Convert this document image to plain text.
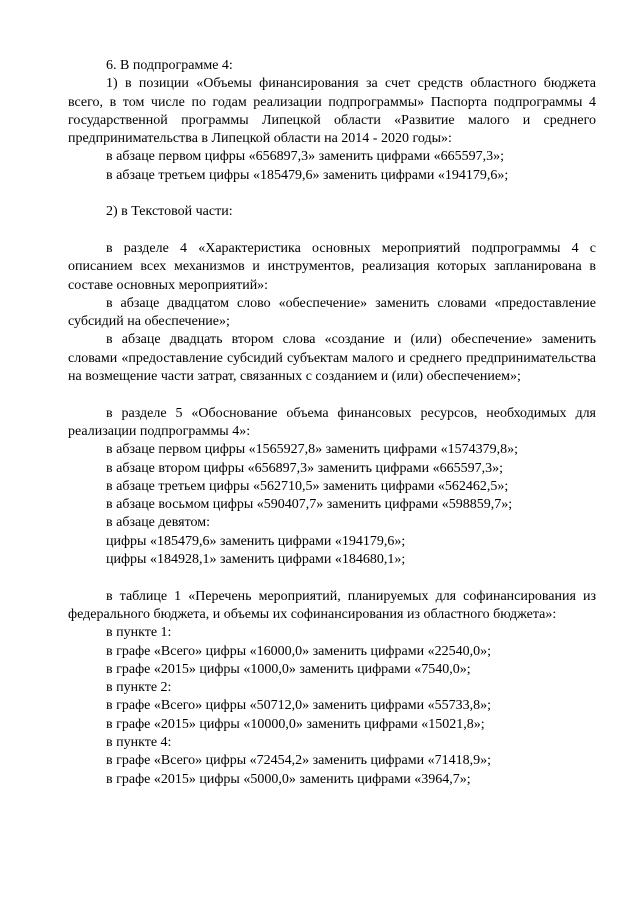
6. В подпрограмме 4:

1) в позиции «Объемы финансирования за счет средств областного бюджета всего, в том числе по годам реализации подпрограммы» Паспорта подпрограммы 4 государственной программы Липецкой области «Развитие малого и среднего предпринимательства в Липецкой области на 2014 - 2020 годы»:

в абзаце первом цифры «656897,3» заменить цифрами «665597,3»;

в абзаце третьем цифры «185479,6» заменить цифрами «194179,6»;

2) в Текстовой части:

в разделе 4 «Характеристика основных мероприятий подпрограммы 4 с описанием всех механизмов и инструментов, реализация которых запланирована в составе основных мероприятий»:

в абзаце двадцатом слово «обеспечение» заменить словами «предоставление субсидий на обеспечение»;

в абзаце двадцать втором слова «создание и (или) обеспечение» заменить словами «предоставление субсидий субъектам малого и среднего предпринимательства на возмещение части затрат, связанных с созданием и (или) обеспечением»;

в разделе 5 «Обоснование объема финансовых ресурсов, необходимых для реализации подпрограммы 4»:

в абзаце первом цифры «1565927,8» заменить цифрами «1574379,8»;

в абзаце втором цифры «656897,3» заменить цифрами «665597,3»;

в абзаце третьем цифры «562710,5» заменить цифрами «562462,5»;

в абзаце восьмом цифры «590407,7» заменить цифрами «598859,7»;

в абзаце девятом:

цифры «185479,6» заменить цифрами «194179,6»;

цифры «184928,1» заменить цифрами «184680,1»;

в таблице 1 «Перечень мероприятий, планируемых для софинансирования из федерального бюджета, и объемы их софинансирования из областного бюджета»:

в пункте 1:

в графе «Всего» цифры «16000,0» заменить цифрами «22540,0»;

в графе «2015» цифры «1000,0» заменить цифрами «7540,0»;

в пункте 2:

в графе «Всего» цифры «50712,0» заменить цифрами «55733,8»;

в графе «2015» цифры «10000,0» заменить цифрами «15021,8»;

в пункте 4:

в графе «Всего» цифры «72454,2» заменить цифрами «71418,9»;

в графе «2015» цифры «5000,0» заменить цифрами «3964,7»;
